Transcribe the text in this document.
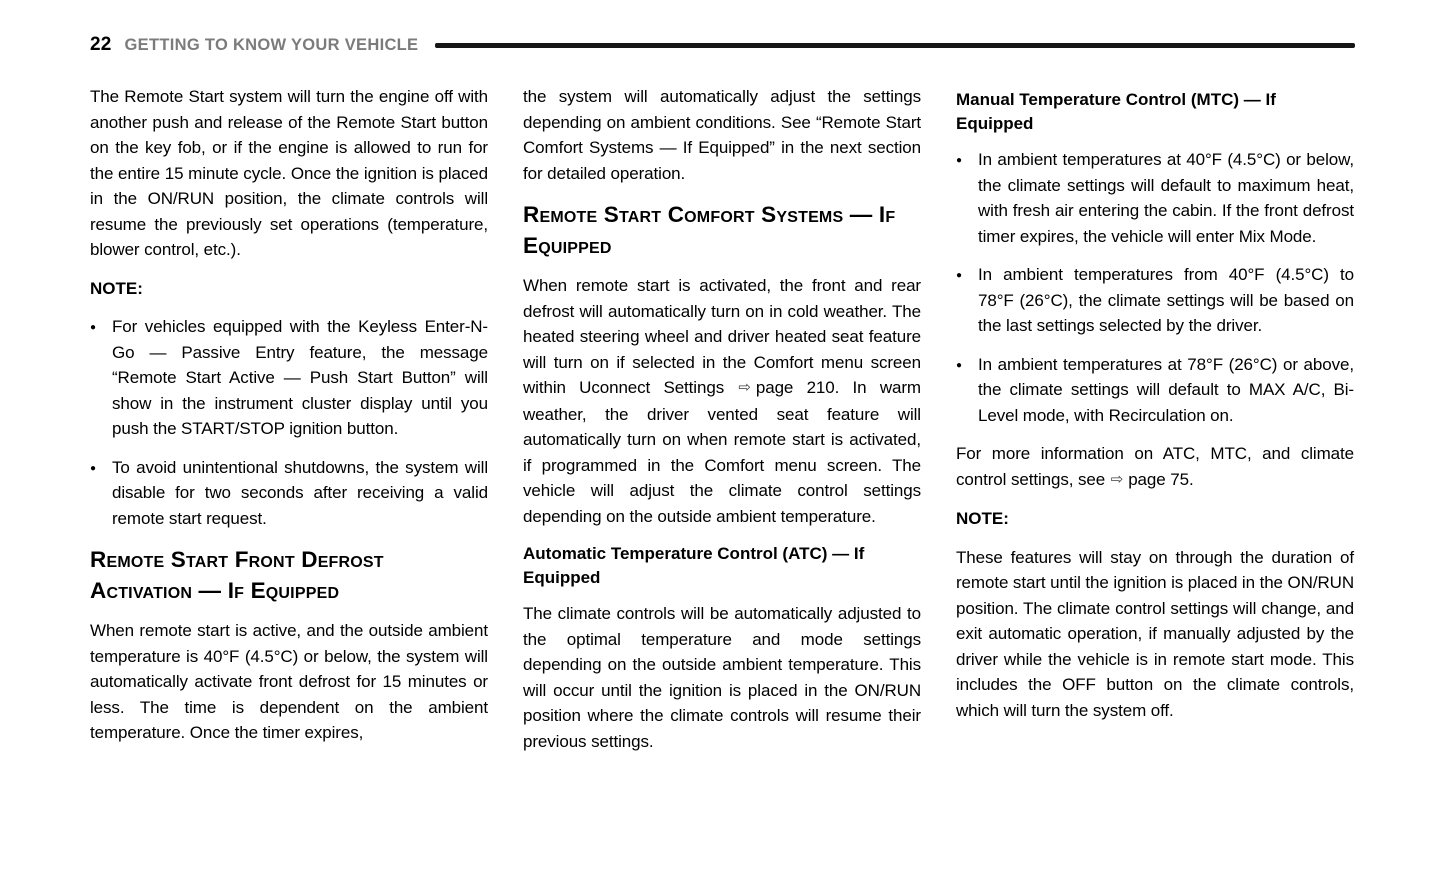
22 GETTING TO KNOW YOUR VEHICLE

The Remote Start system will turn the engine off with another push and release of the Remote Start button on the key fob, or if the engine is allowed to run for the entire 15 minute cycle. Once the ignition is placed in the ON/RUN position, the climate controls will resume the previously set operations (temperature, blower control, etc.).

NOTE:

● For vehicles equipped with the Keyless Enter-N-Go — Passive Entry feature, the message “Remote Start Active — Push Start Button” will show in the instrument cluster display until you push the START/STOP ignition button.
● To avoid unintentional shutdowns, the system will disable for two seconds after receiving a valid remote start request.
Remote Start Front Defrost Activation — If Equipped

When remote start is active, and the outside ambient temperature is 40°F (4.5°C) or below, the system will automatically activate front defrost for 15 minutes or less. The time is dependent on the ambient temperature. Once the timer expires,

the system will automatically adjust the settings depending on ambient conditions. See “Remote Start Comfort Systems — If Equipped” in the next section for detailed operation.

Remote Start Comfort Systems — If Equipped

When remote start is activated, the front and rear defrost will automatically turn on in cold weather. The heated steering wheel and driver heated seat feature will turn on if selected in the Comfort menu screen within Uconnect Settings ⇨ page 210. In warm weather, the driver vented seat feature will automatically turn on when remote start is activated, if programmed in the Comfort menu screen. The vehicle will adjust the climate control settings depending on the outside ambient temperature.

Automatic Temperature Control (ATC) — If Equipped

The climate controls will be automatically adjusted to the optimal temperature and mode settings depending on the outside ambient temperature. This will occur until the ignition is placed in the ON/RUN position where the climate controls will resume their previous settings.

Manual Temperature Control (MTC) — If Equipped
● In ambient temperatures at 40°F (4.5°C) or below, the climate settings will default to maximum heat, with fresh air entering the cabin. If the front defrost timer expires, the vehicle will enter Mix Mode.
● In ambient temperatures from 40°F (4.5°C) to 78°F (26°C), the climate settings will be based on the last settings selected by the driver.
● In ambient temperatures at 78°F (26°C) or above, the climate settings will default to MAX A/C, Bi-Level mode, with Recirculation on.

For more information on ATC, MTC, and climate control settings, see ⇨ page 75.

NOTE:

These features will stay on through the duration of remote start until the ignition is placed in the ON/RUN position. The climate control settings will change, and exit automatic operation, if manually adjusted by the driver while the vehicle is in remote start mode. This includes the OFF button on the climate controls, which will turn the system off.
